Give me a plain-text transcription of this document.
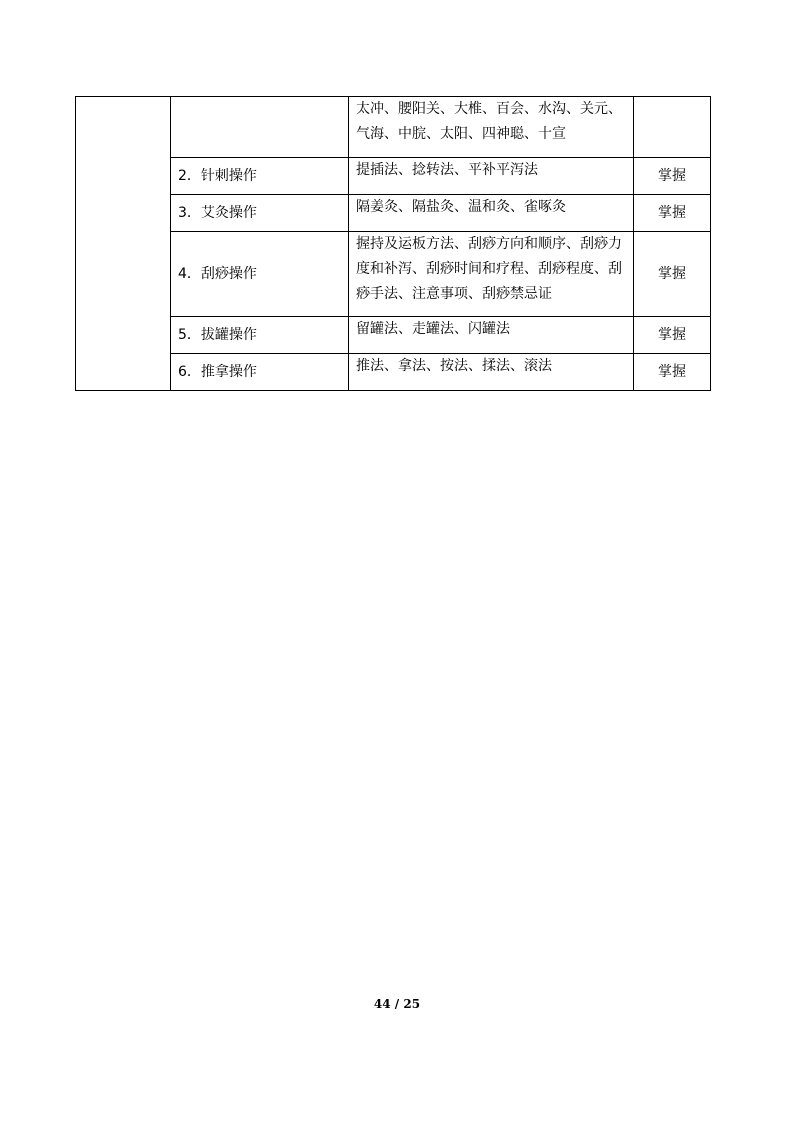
		太冲、腰阳关、大椎、百会、水沟、关元、气海、中脘、太阳、四神聪、十宣	
	2．针刺操作	提插法、捻转法、平补平泻法	掌握
	3．艾灸操作	隔姜灸、隔盐灸、温和灸、雀啄灸	掌握
	4．刮痧操作	握持及运板方法、刮痧方向和顺序、刮痧力度和补泻、刮痧时间和疗程、刮痧程度、刮痧手法、注意事项、刮痧禁忌证	掌握
	5．拔罐操作	留罐法、走罐法、闪罐法	掌握
	6．推拿操作	推法、拿法、按法、揉法、滚法	掌握
44 / 25
